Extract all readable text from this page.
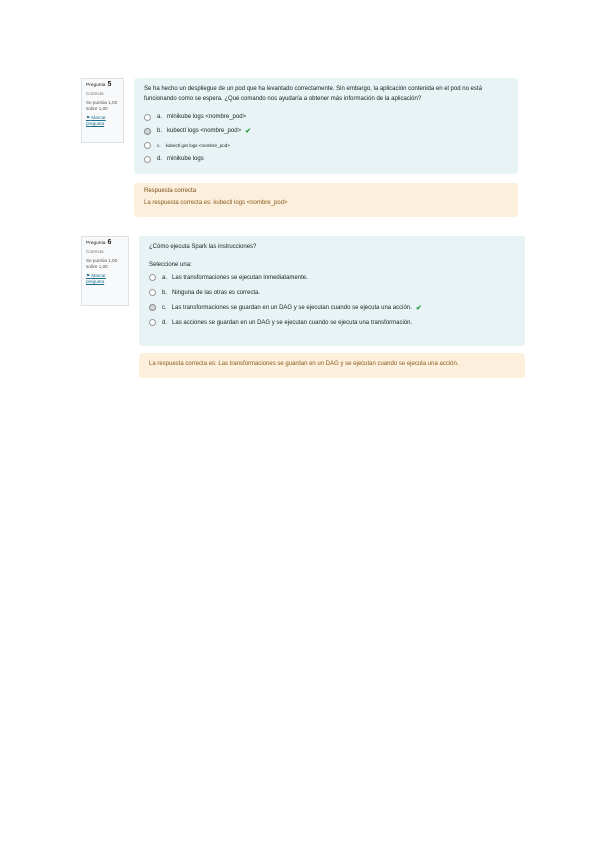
Pregunta 5
Correcta
Se puntúa 1,00 sobre 1,00
⚑ Marcar pregunta
Se ha hecho un despliegue de un pod que ha levantado correctamente. Sin embargo, la aplicación contenida en el pod no está funcionando como se espera. ¿Qué comando nos ayudaría a obtener más información de la aplicación?
a. minikube logs <nombre_pod>
b. kubectl logs <nombre_pod> ✔
c. kubectl get logs <nombre_pod>
d. minikube logs
Respuesta correcta
La respuesta correcta es: kubectl logs <nombre_pod>
Pregunta 6
Correcta
Se puntúa 1,00 sobre 1,00
⚑ Marcar pregunta
¿Cómo ejecuta Spark las instrucciones?
Seleccione una:
a. Las transformaciones se ejecutan inmediatamente.
b. Ninguna de las otras es correcta.
c. Las transformaciones se guardan en un DAG y se ejecutan cuando se ejecuta una acción. ✔
d. Las acciones se guardan en un DAG y se ejecutan cuando se ejecuta una transformación.
La respuesta correcta es: Las transformaciones se guardan en un DAG y se ejecutan cuando se ejecuta una acción.
